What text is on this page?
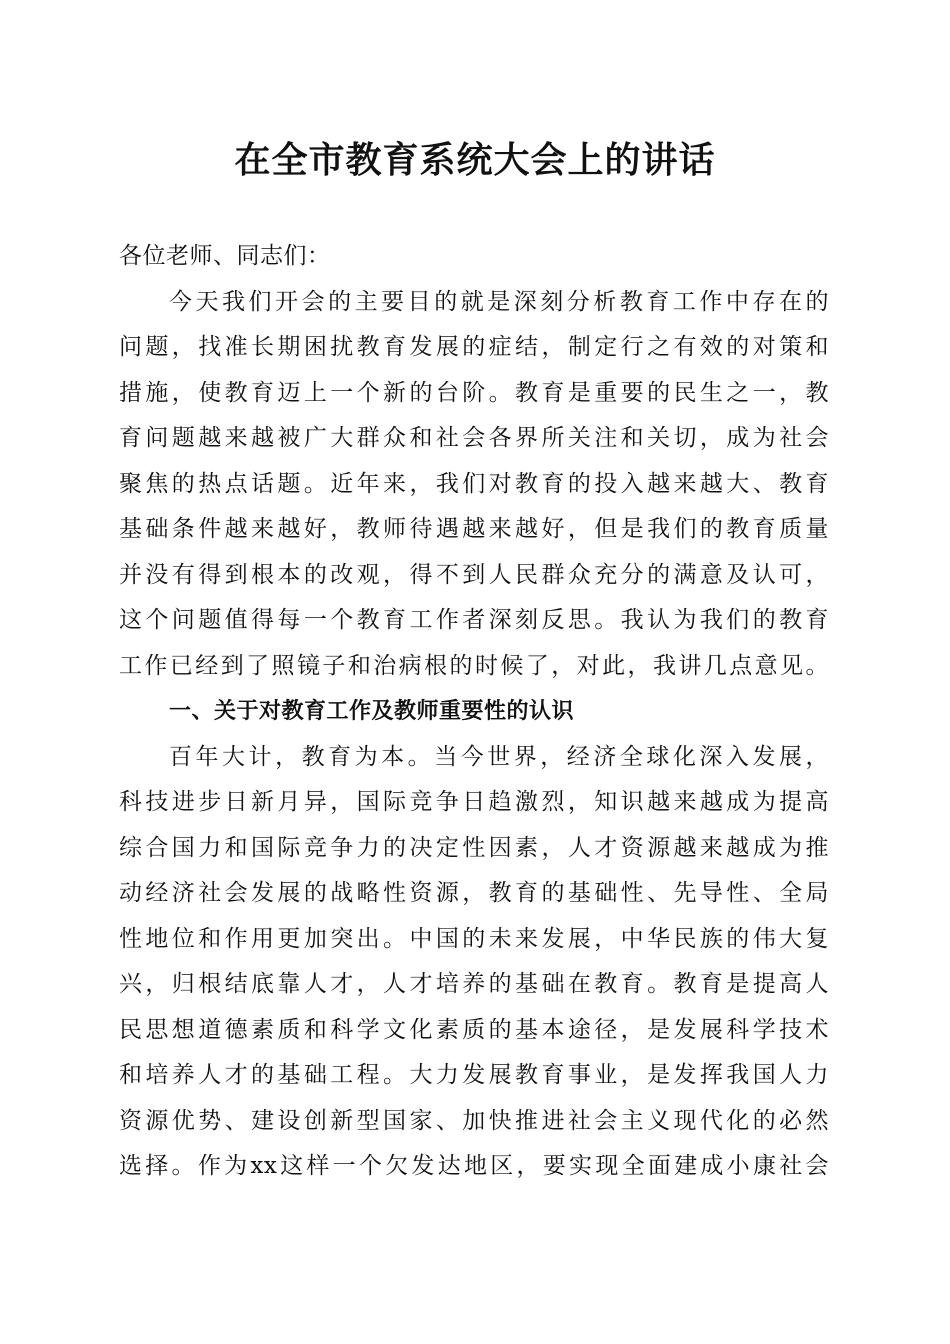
在全市教育系统大会上的讲话
各位老师、同志们：
今天我们开会的主要目的就是深刻分析教育工作中存在的
问题，找准长期困扰教育发展的症结，制定行之有效的对策和
措施，使教育迈上一个新的台阶。教育是重要的民生之一，教
育问题越来越被广大群众和社会各界所关注和关切，成为社会
聚焦的热点话题。近年来，我们对教育的投入越来越大、教育
基础条件越来越好，教师待遇越来越好，但是我们的教育质量
并没有得到根本的改观，得不到人民群众充分的满意及认可，
这个问题值得每一个教育工作者深刻反思。我认为我们的教育
工作已经到了照镜子和治病根的时候了，对此，我讲几点意见。
一、关于对教育工作及教师重要性的认识
百年大计，教育为本。当今世界，经济全球化深入发展，
科技进步日新月异，国际竞争日趋激烈，知识越来越成为提高
综合国力和国际竞争力的决定性因素，人才资源越来越成为推
动经济社会发展的战略性资源，教育的基础性、先导性、全局
性地位和作用更加突出。中国的未来发展，中华民族的伟大复
兴，归根结底靠人才，人才培养的基础在教育。教育是提高人
民思想道德素质和科学文化素质的基本途径，是发展科学技术
和培养人才的基础工程。大力发展教育事业，是发挥我国人力
资源优势、建设创新型国家、加快推进社会主义现代化的必然
选择。作为xx这样一个欠发达地区，要实现全面建成小康社会
